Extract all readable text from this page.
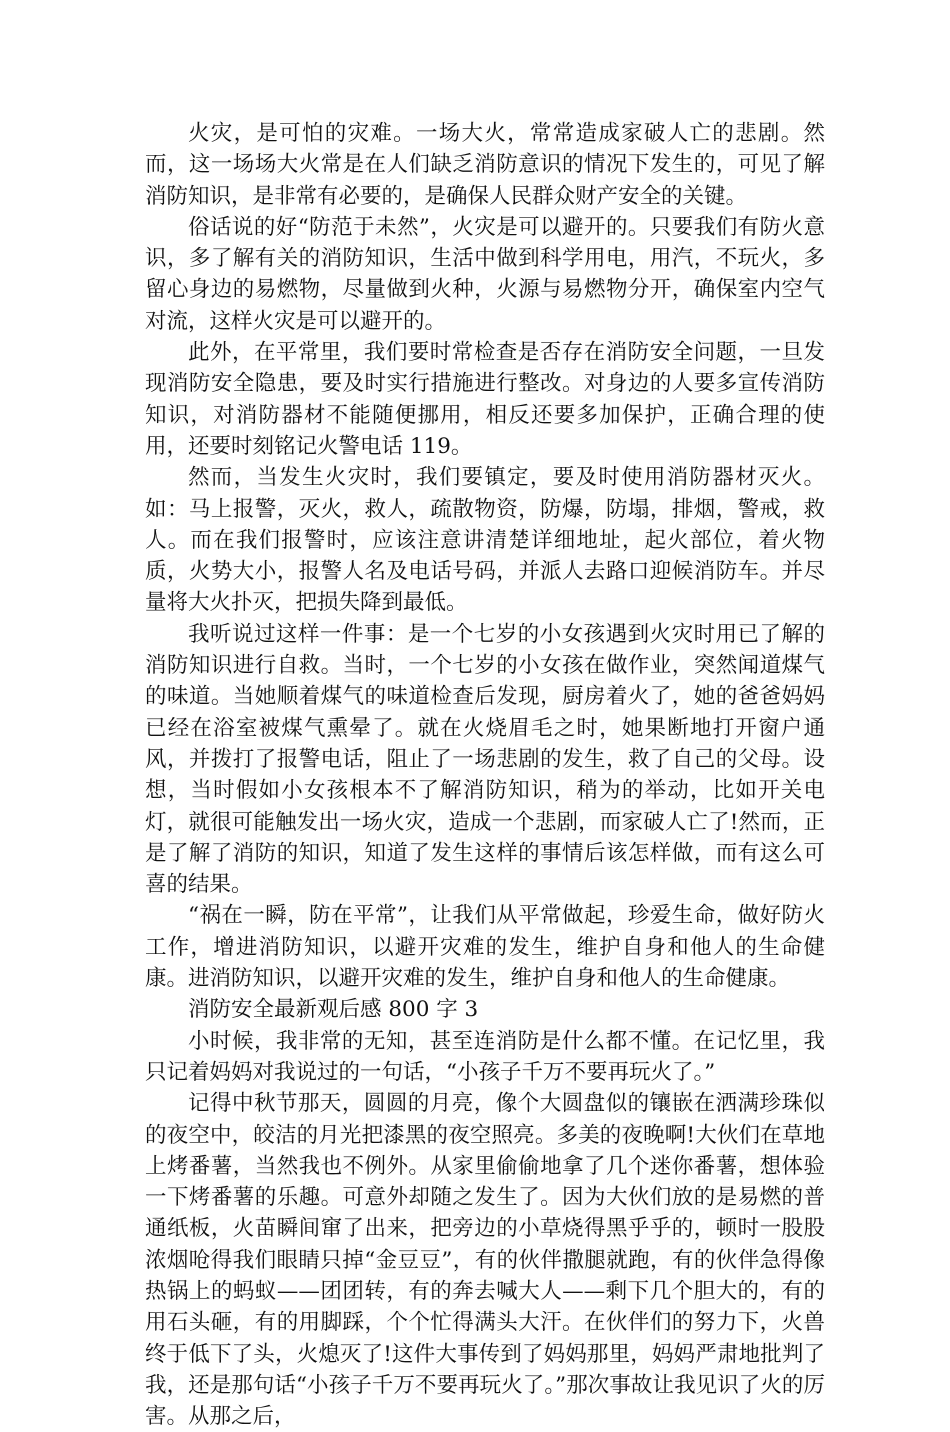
火灾，是可怕的灾难。一场大火，常常造成家破人亡的悲剧。然而，这一场场大火常是在人们缺乏消防意识的情况下发生的，可见了解消防知识，是非常有必要的，是确保人民群众财产安全的关键。

俗话说的好“防范于未然”，火灾是可以避开的。只要我们有防火意识，多了解有关的消防知识，生活中做到科学用电，用汽，不玩火，多留心身边的易燃物，尽量做到火种，火源与易燃物分开，确保室内空气对流，这样火灾是可以避开的。

此外，在平常里，我们要时常检查是否存在消防安全问题，一旦发现消防安全隐患，要及时实行措施进行整改。对身边的人要多宣传消防知识，对消防器材不能随便挪用，相反还要多加保护，正确合理的使用，还要时刻铭记火警电话 119。

然而，当发生火灾时，我们要镇定，要及时使用消防器材灭火。如：马上报警，灭火，救人，疏散物资，防爆，防塌，排烟，警戒，救人。而在我们报警时，应该注意讲清楚详细地址，起火部位，着火物质，火势大小，报警人名及电话号码，并派人去路口迎候消防车。并尽量将大火扑灭，把损失降到最低。

我听说过这样一件事：是一个七岁的小女孩遇到火灾时用已了解的消防知识进行自救。当时，一个七岁的小女孩在做作业，突然闻道煤气的味道。当她顺着煤气的味道检查后发现，厨房着火了，她的爸爸妈妈已经在浴室被煤气熏晕了。就在火烧眉毛之时，她果断地打开窗户通风，并拨打了报警电话，阻止了一场悲剧的发生，救了自己的父母。设想，当时假如小女孩根本不了解消防知识，稍为的举动，比如开关电灯，就很可能触发出一场火灾，造成一个悲剧，而家破人亡了!然而，正是了解了消防的知识，知道了发生这样的事情后该怎样做，而有这么可喜的结果。

“祸在一瞬，防在平常”，让我们从平常做起，珍爱生命，做好防火工作，增进消防知识，以避开灾难的发生，维护自身和他人的生命健康。进消防知识，以避开灾难的发生，维护自身和他人的生命健康。

消防安全最新观后感 800 字 3

小时候，我非常的无知，甚至连消防是什么都不懂。在记忆里，我只记着妈妈对我说过的一句话，“小孩子千万不要再玩火了。”

记得中秋节那天，圆圆的月亮，像个大圆盘似的镶嵌在洒满珍珠似的夜空中，皎洁的月光把漆黑的夜空照亮。多美的夜晚啊!大伙们在草地上烤番薯，当然我也不例外。从家里偷偷地拿了几个迷你番薯，想体验一下烤番薯的乐趣。可意外却随之发生了。因为大伙们放的是易燃的普通纸板，火苗瞬间窜了出来，把旁边的小草烧得黑乎乎的，顿时一股股浓烟呛得我们眼睛只掉“金豆豆”，有的伙伴撒腿就跑，有的伙伴急得像热锅上的蚂蚁——团团转，有的奔去喊大人——剩下几个胆大的，有的用石头砸，有的用脚踩，个个忙得满头大汗。在伙伴们的努力下，火兽终于低下了头，火熄灭了!这件大事传到了妈妈那里，妈妈严肃地批判了我，还是那句话“小孩子千万不要再玩火了。”那次事故让我见识了火的厉害。从那之后，
